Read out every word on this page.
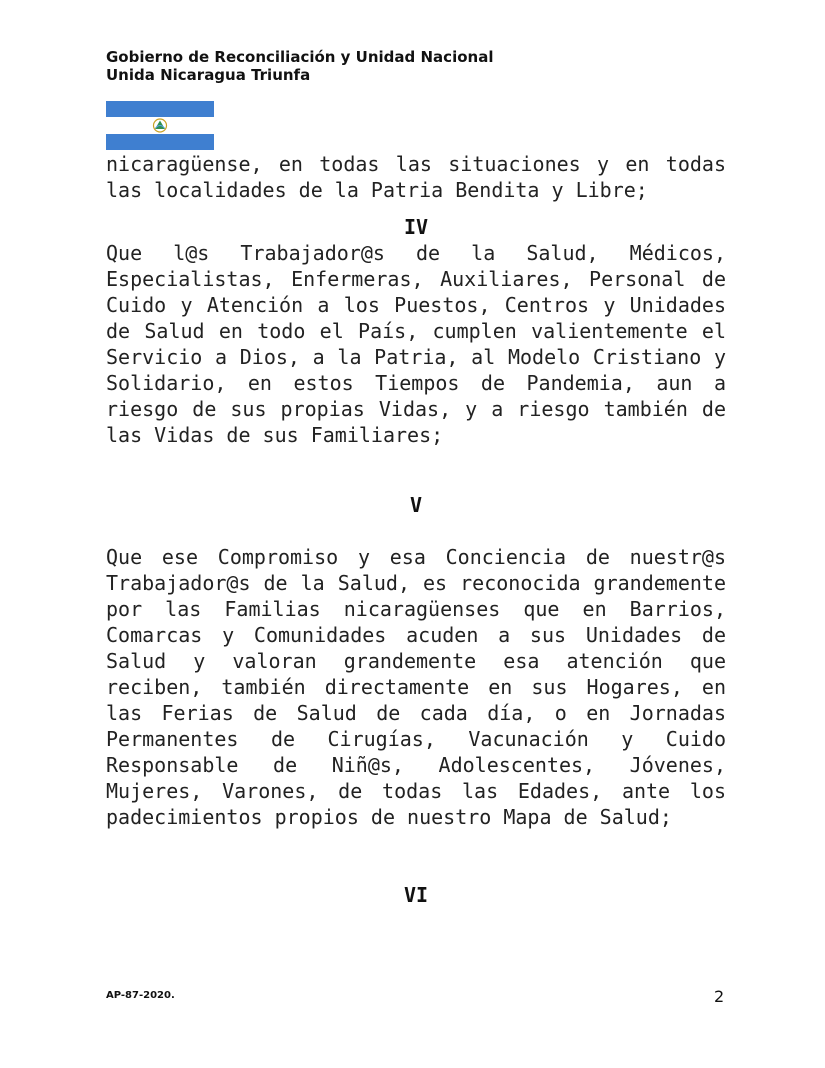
Gobierno de Reconciliación y Unidad Nacional
Unida Nicaragua Triunfa

nicaragüense, en todas las situaciones y en todas las localidades de la Patria Bendita y Libre;

IV

Que l@s Trabajador@s de la Salud, Médicos, Especialistas, Enfermeras, Auxiliares, Personal de Cuido y Atención a los Puestos, Centros y Unidades de Salud en todo el País, cumplen valientemente el Servicio a Dios, a la Patria, al Modelo Cristiano y Solidario, en estos Tiempos de Pandemia, aun a riesgo de sus propias Vidas, y a riesgo también de las Vidas de sus Familiares;

V

Que ese Compromiso y esa Conciencia de nuestr@s Trabajador@s de la Salud, es reconocida grandemente por las Familias nicaragüenses que en Barrios, Comarcas y Comunidades acuden a sus Unidades de Salud y valoran grandemente esa atención que reciben, también directamente en sus Hogares, en las Ferias de Salud de cada día, o en Jornadas Permanentes de Cirugías, Vacunación y Cuido Responsable de Niñ@s, Adolescentes, Jóvenes, Mujeres, Varones, de todas las Edades, ante los padecimientos propios de nuestro Mapa de Salud;

VI

AP-87-2020.	2
